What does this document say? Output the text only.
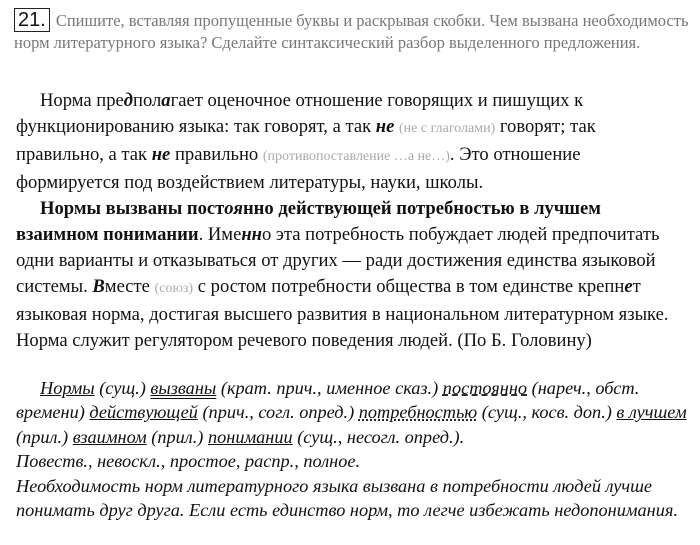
21. Спишите, вставляя пропущенные буквы и раскрывая скобки. Чем вызвана необходимость норм литературного языка? Сделайте синтаксический разбор выделенного предложения.
Норма предполагает оценочное отношение говорящих и пишущих к функционированию языка: так говорят, а так не (не с глаголами) говорят; так правильно, а так не правильно (противопоставление …а не…). Это отношение формируется под воздействием литературы, науки, школы.
Нормы вызваны постоянно действующей потребностью в лучшем взаимном понимании. Именно эта потребность побуждает людей предпочитать одни варианты и отказываться от других — ради достижения единства языковой системы. Вместе (союз) с ростом потребности общества в том единстве крепнет языковая норма, достигая высшего развития в национальном литературном языке. Норма служит регулятором речевого поведения людей. (По Б. Головину)
Нормы (сущ.) вызваны (крат. прич., именное сказ.) постоянно (нареч., обст. времени) действующей (прич., согл. опред.) потребностью (сущ., косв. доп.) в лучшем (прил.) взаимном (прил.) понимании (сущ., несогл. опред.).
Повеств., невоскл., простое, распр., полное.
Необходимость норм литературного языка вызвана в потребности людей лучше понимать друг друга. Если есть единство норм, то легче избежать недопонимания.
